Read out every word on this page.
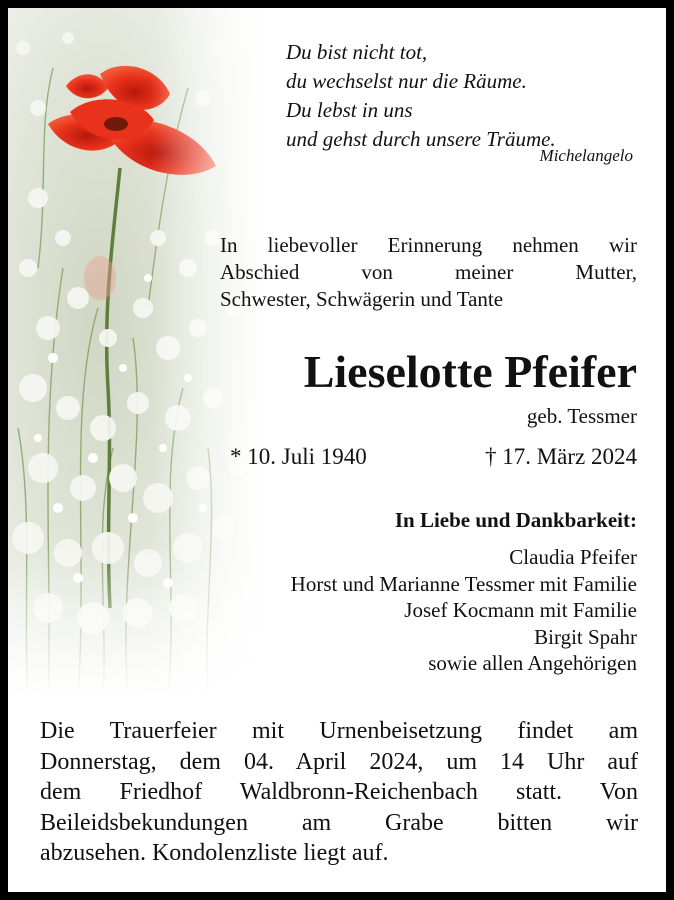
Du bist nicht tot,
du wechselst nur die Räume.
Du lebst in uns
und gehst durch unsere Träume.
Michelangelo
In liebevoller Erinnerung nehmen wir
Abschied von meiner Mutter,
Schwester, Schwägerin und Tante
Lieselotte Pfeifer
geb. Tessmer
* 10. Juli 1940	† 17. März 2024
In Liebe und Dankbarkeit:
Claudia Pfeifer
Horst und Marianne Tessmer mit Familie
Josef Kocmann mit Familie
Birgit Spahr
sowie allen Angehörigen
Die Trauerfeier mit Urnenbeisetzung findet am
Donnerstag, dem 04. April 2024, um 14 Uhr auf
dem Friedhof Waldbronn-Reichenbach statt. Von
Beileidsbekundungen am Grabe bitten wir
abzusehen. Kondolenzliste liegt auf.
